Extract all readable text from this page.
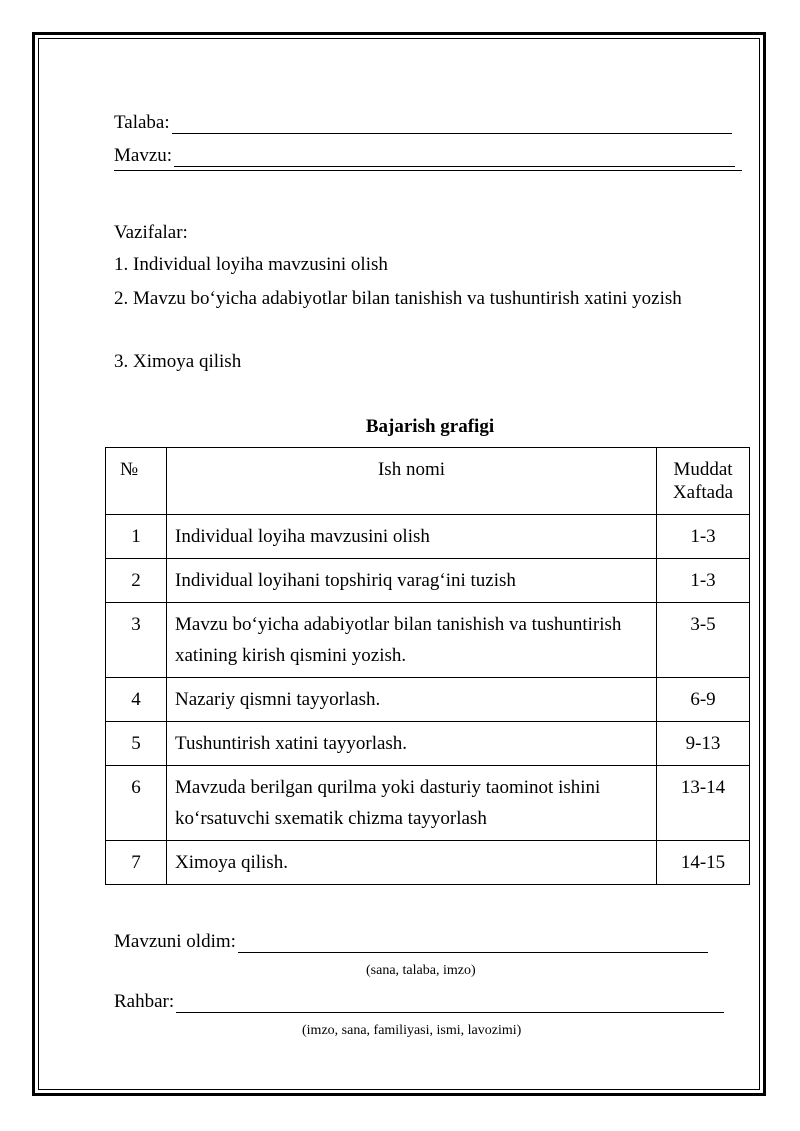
Talaba:
Mavzu:
Vazifalar:
1. Individual loyiha mavzusini olish
2. Mavzu bo‘yicha adabiyotlar bilan tanishish va tushuntirish xatini yozish
3. Ximoya qilish
Bajarish grafigi
№	Ish nomi	Muddat
Xaftada
1	Individual loyiha mavzusini olish	1-3
2	Individual loyihani topshiriq varag‘ini tuzish	1-3
3	Mavzu bo‘yicha adabiyotlar bilan tanishish va tushuntirish
xatining kirish qismini yozish.	3-5
4	Nazariy qismni tayyorlash.	6-9
5	Tushuntirish xatini tayyorlash.	9-13
6	Mavzuda berilgan qurilma yoki dasturiy taominot ishini
ko‘rsatuvchi sxematik chizma tayyorlash	13-14
7	Ximoya qilish.	14-15
Mavzuni oldim:
(sana, talaba, imzo)
Rahbar:
(imzo, sana, familiyasi, ismi, lavozimi)
